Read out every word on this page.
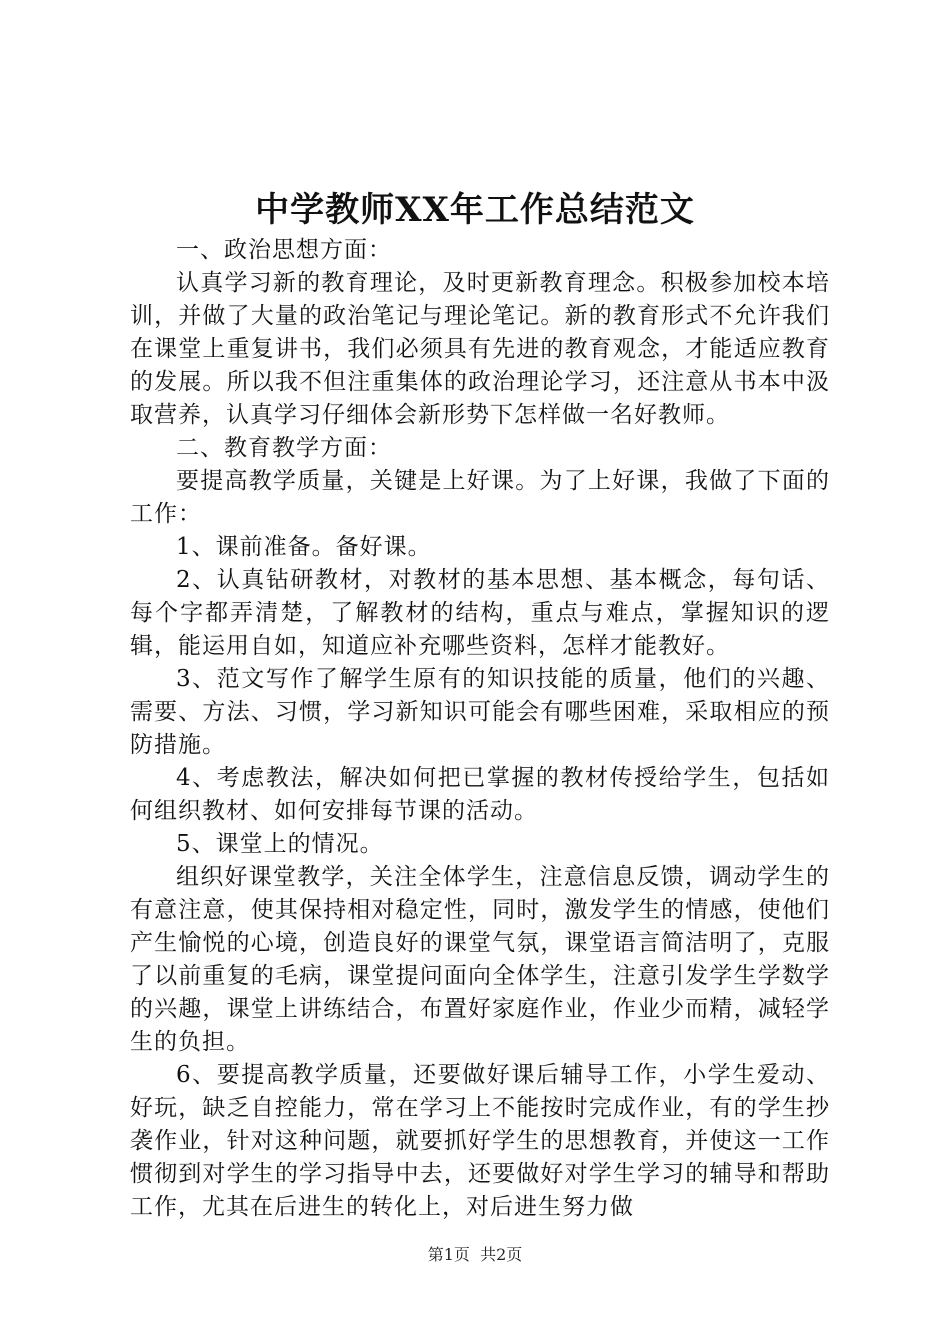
中学教师XX年工作总结范文

一、政治思想方面：

认真学习新的教育理论，及时更新教育理念。积极参加校本培训，并做了大量的政治笔记与理论笔记。新的教育形式不允许我们在课堂上重复讲书，我们必须具有先进的教育观念，才能适应教育的发展。所以我不但注重集体的政治理论学习，还注意从书本中汲取营养，认真学习仔细体会新形势下怎样做一名好教师。

二、教育教学方面：

要提高教学质量，关键是上好课。为了上好课，我做了下面的工作：

1、课前准备。备好课。

2、认真钻研教材，对教材的基本思想、基本概念，每句话、每个字都弄清楚，了解教材的结构，重点与难点，掌握知识的逻辑，能运用自如，知道应补充哪些资料，怎样才能教好。

3、范文写作了解学生原有的知识技能的质量，他们的兴趣、需要、方法、习惯，学习新知识可能会有哪些困难，采取相应的预防措施。

4、考虑教法，解决如何把已掌握的教材传授给学生，包括如何组织教材、如何安排每节课的活动。

5、课堂上的情况。

组织好课堂教学，关注全体学生，注意信息反馈，调动学生的有意注意，使其保持相对稳定性，同时，激发学生的情感，使他们产生愉悦的心境，创造良好的课堂气氛，课堂语言简洁明了，克服了以前重复的毛病，课堂提问面向全体学生，注意引发学生学数学的兴趣，课堂上讲练结合，布置好家庭作业，作业少而精，减轻学生的负担。

6、要提高教学质量，还要做好课后辅导工作，小学生爱动、好玩，缺乏自控能力，常在学习上不能按时完成作业，有的学生抄袭作业，针对这种问题，就要抓好学生的思想教育，并使这一工作惯彻到对学生的学习指导中去，还要做好对学生学习的辅导和帮助工作，尤其在后进生的转化上，对后进生努力做

第1页 共2页
